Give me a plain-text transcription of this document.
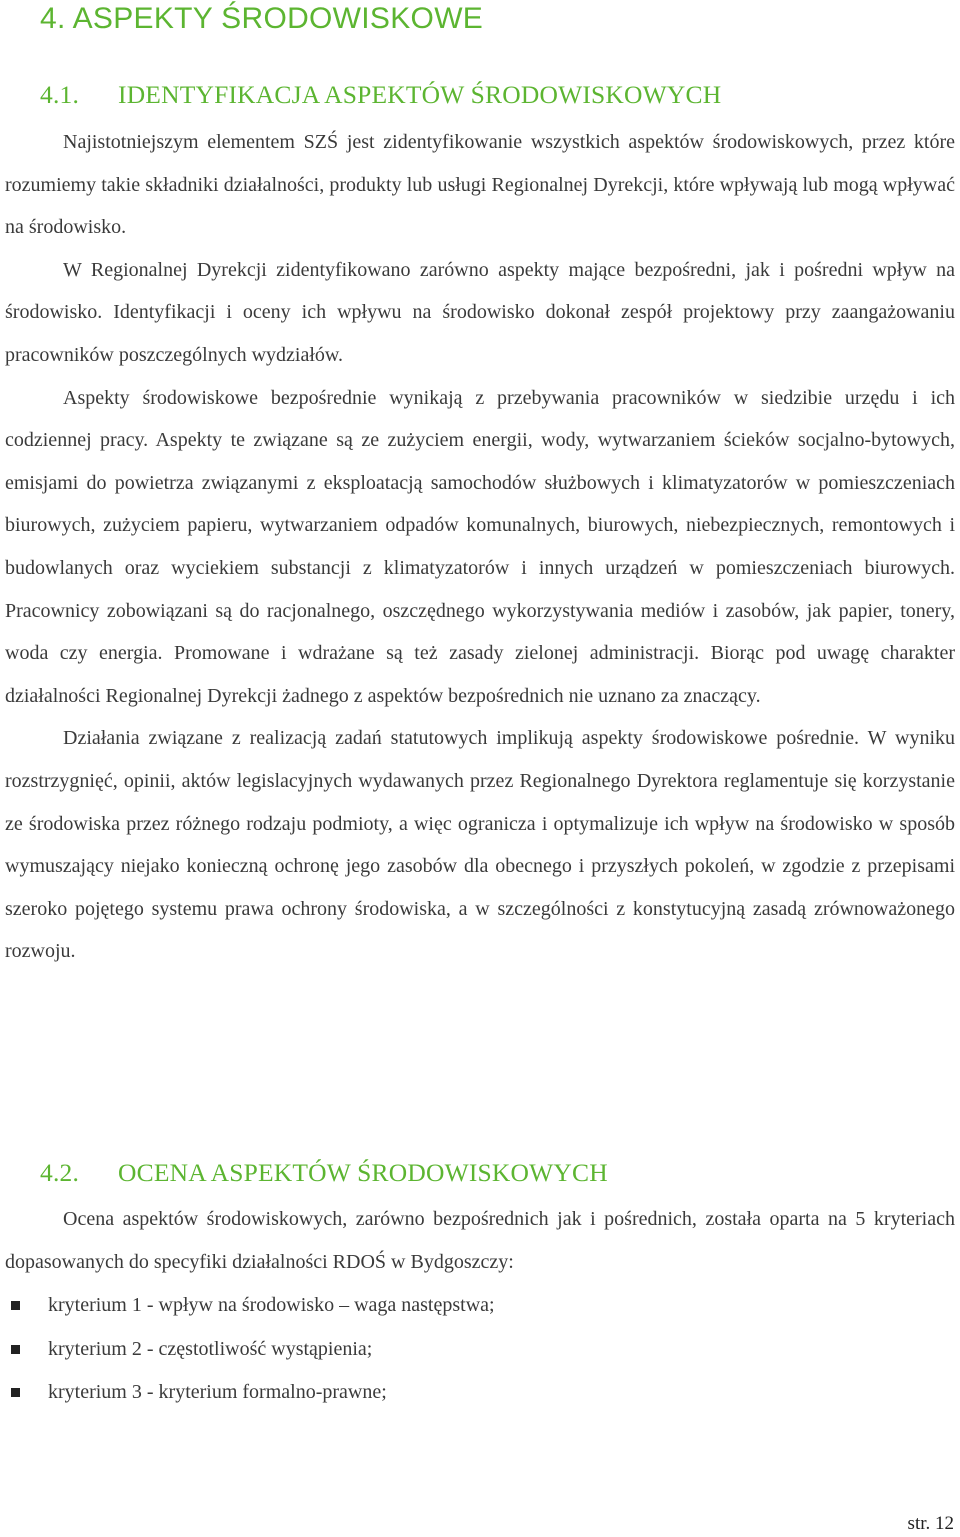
4. ASPEKTY ŚRODOWISKOWE
4.1. IDENTYFIKACJA ASPEKTÓW ŚRODOWISKOWYCH

Najistotniejszym elementem SZŚ jest zidentyfikowanie wszystkich aspektów środowiskowych, przez które rozumiemy takie składniki działalności, produkty lub usługi Regionalnej Dyrekcji, które wpływają lub mogą wpływać na środowisko.

W Regionalnej Dyrekcji zidentyfikowano zarówno aspekty mające bezpośredni, jak i pośredni wpływ na środowisko. Identyfikacji i oceny ich wpływu na środowisko dokonał zespół projektowy przy zaangażowaniu pracowników poszczególnych wydziałów.

Aspekty środowiskowe bezpośrednie wynikają z przebywania pracowników w siedzibie urzędu i ich codziennej pracy. Aspekty te związane są ze zużyciem energii, wody, wytwarzaniem ścieków socjalno-bytowych, emisjami do powietrza związanymi z eksploatacją samochodów służbowych i klimatyzatorów w pomieszczeniach biurowych, zużyciem papieru, wytwarzaniem odpadów komunalnych, biurowych, niebezpiecznych, remontowych i budowlanych oraz wyciekiem substancji z klimatyzatorów i innych urządzeń w pomieszczeniach biurowych. Pracownicy zobowiązani są do racjonalnego, oszczędnego wykorzystywania mediów i zasobów, jak papier, tonery, woda czy energia. Promowane i wdrażane są też zasady zielonej administracji. Biorąc pod uwagę charakter działalności Regionalnej Dyrekcji żadnego z aspektów bezpośrednich nie uznano za znaczący.

Działania związane z realizacją zadań statutowych implikują aspekty środowiskowe pośrednie. W wyniku rozstrzygnięć, opinii, aktów legislacyjnych wydawanych przez Regionalnego Dyrektora reglamentuje się korzystanie ze środowiska przez różnego rodzaju podmioty, a więc ogranicza i optymalizuje ich wpływ na środowisko w sposób wymuszający niejako konieczną ochronę jego zasobów dla obecnego i przyszłych pokoleń, w zgodzie z przepisami szeroko pojętego systemu prawa ochrony środowiska, a w szczególności z konstytucyjną zasadą zrównoważonego rozwoju.

4.2. OCENA ASPEKTÓW ŚRODOWISKOWYCH

Ocena aspektów środowiskowych, zarówno bezpośrednich jak i pośrednich, została oparta na 5 kryteriach dopasowanych do specyfiki działalności RDOŚ w Bydgoszczy:

kryterium 1 - wpływ na środowisko – waga następstwa;
kryterium 2 - częstotliwość wystąpienia;
kryterium 3 - kryterium formalno-prawne;
str. 12
